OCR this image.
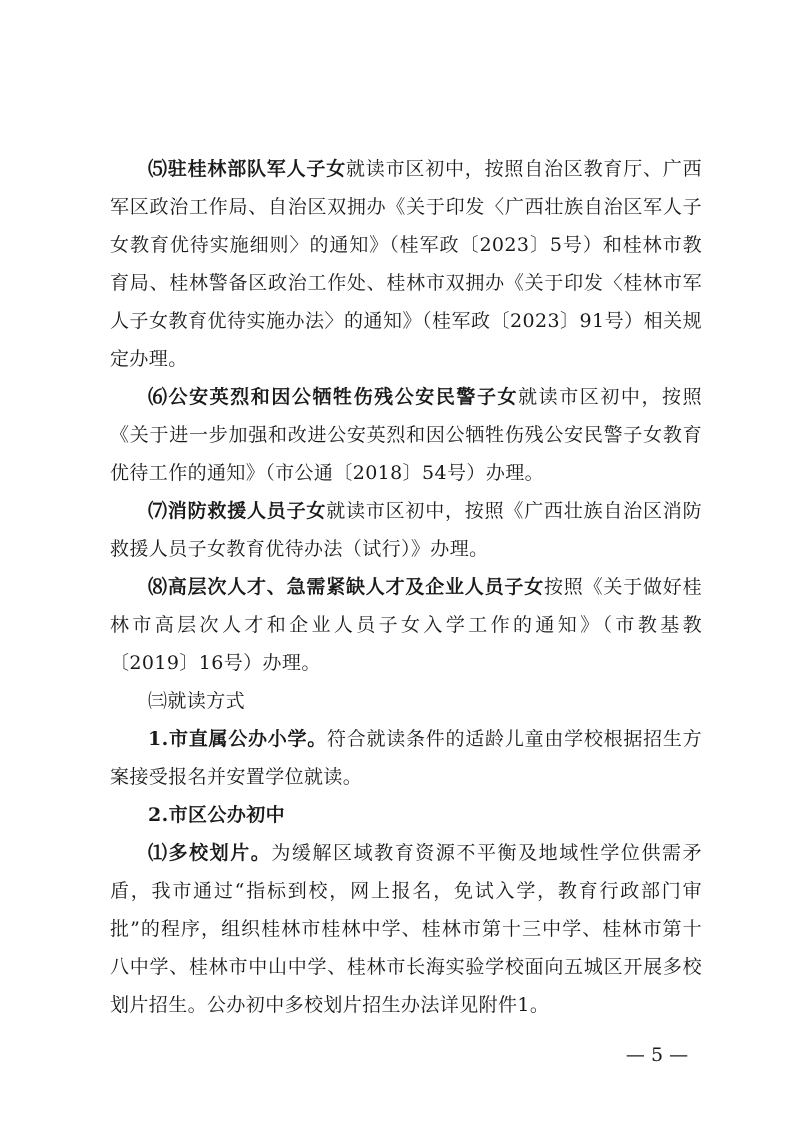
⑸驻桂林部队军人子女就读市区初中，按照自治区教育厅、广西军区政治工作局、自治区双拥办《关于印发〈广西壮族自治区军人子女教育优待实施细则〉的通知》（桂军政〔2023〕5号）和桂林市教育局、桂林警备区政治工作处、桂林市双拥办《关于印发〈桂林市军人子女教育优待实施办法〉的通知》（桂军政〔2023〕91号）相关规定办理。

⑹公安英烈和因公牺牲伤残公安民警子女就读市区初中，按照《关于进一步加强和改进公安英烈和因公牺牲伤残公安民警子女教育优待工作的通知》（市公通〔2018〕54号）办理。

⑺消防救援人员子女就读市区初中，按照《广西壮族自治区消防救援人员子女教育优待办法（试行）》办理。

⑻高层次人才、急需紧缺人才及企业人员子女按照《关于做好桂林市高层次人才和企业人员子女入学工作的通知》（市教基教〔2019〕16号）办理。

㈢就读方式

1.市直属公办小学。符合就读条件的适龄儿童由学校根据招生方案接受报名并安置学位就读。

2.市区公办初中

⑴多校划片。为缓解区域教育资源不平衡及地域性学位供需矛盾，我市通过“指标到校，网上报名，免试入学，教育行政部门审批”的程序，组织桂林市桂林中学、桂林市第十三中学、桂林市第十八中学、桂林市中山中学、桂林市长海实验学校面向五城区开展多校划片招生。公办初中多校划片招生办法详见附件1。

— 5 —
